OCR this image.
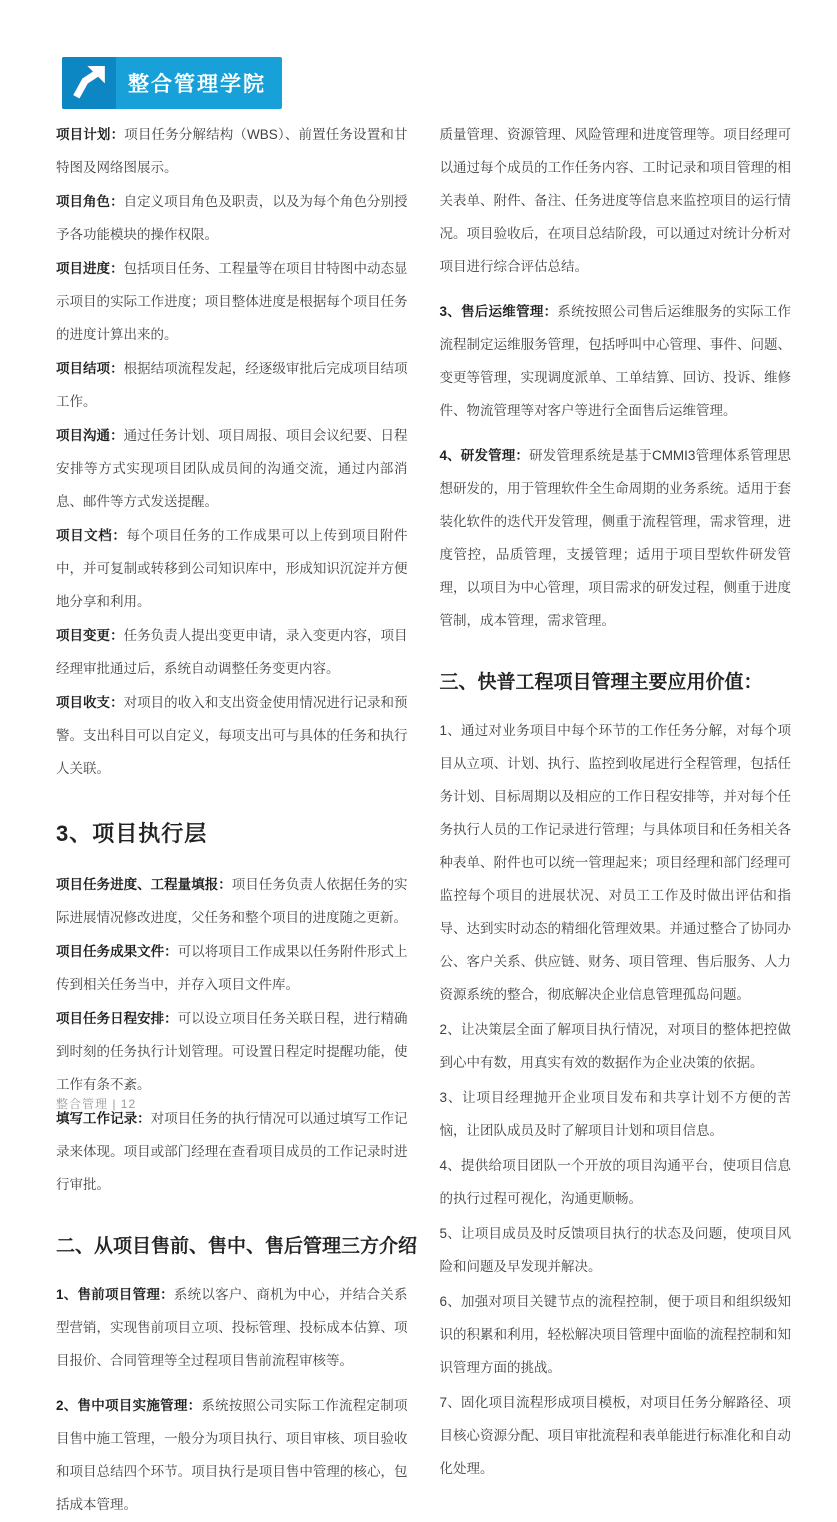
整合管理学院

项目计划：项目任务分解结构（WBS）、前置任务设置和甘特图及网络图展示。

项目角色：自定义项目角色及职责，以及为每个角色分别授予各功能模块的操作权限。

项目进度：包括项目任务、工程量等在项目甘特图中动态显示项目的实际工作进度；项目整体进度是根据每个项目任务的进度计算出来的。

项目结项：根据结项流程发起，经逐级审批后完成项目结项工作。

项目沟通：通过任务计划、项目周报、项目会议纪要、日程安排等方式实现项目团队成员间的沟通交流，通过内部消息、邮件等方式发送提醒。

项目文档：每个项目任务的工作成果可以上传到项目附件中，并可复制或转移到公司知识库中，形成知识沉淀并方便地分享和利用。

项目变更：任务负责人提出变更申请，录入变更内容，项目经理审批通过后，系统自动调整任务变更内容。

项目收支：对项目的收入和支出资金使用情况进行记录和预警。支出科目可以自定义，每项支出可与具体的任务和执行人关联。

3、项目执行层

项目任务进度、工程量填报：项目任务负责人依据任务的实际进展情况修改进度，父任务和整个项目的进度随之更新。

项目任务成果文件：可以将项目工作成果以任务附件形式上传到相关任务当中，并存入项目文件库。

项目任务日程安排：可以设立项目任务关联日程，进行精确到时刻的任务执行计划管理。可设置日程定时提醒功能，使工作有条不紊。

填写工作记录：对项目任务的执行情况可以通过填写工作记录来体现。项目或部门经理在查看项目成员的工作记录时进行审批。

二、从项目售前、售中、售后管理三方介绍

1、售前项目管理：系统以客户、商机为中心，并结合关系型营销，实现售前项目立项、投标管理、投标成本估算、项目报价、合同管理等全过程项目售前流程审核等。

2、售中项目实施管理：系统按照公司实际工作流程定制项目售中施工管理，一般分为项目执行、项目审核、项目验收和项目总结四个环节。项目执行是项目售中管理的核心，包括成本管理。

质量管理、资源管理、风险管理和进度管理等。项目经理可以通过每个成员的工作任务内容、工时记录和项目管理的相关表单、附件、备注、任务进度等信息来监控项目的运行情况。项目验收后，在项目总结阶段，可以通过对统计分析对项目进行综合评估总结。

3、售后运维管理：系统按照公司售后运维服务的实际工作流程制定运维服务管理，包括呼叫中心管理、事件、问题、变更等管理，实现调度派单、工单结算、回访、投诉、维修件、物流管理等对客户等进行全面售后运维管理。

4、研发管理：研发管理系统是基于CMMI3管理体系管理思想研发的，用于管理软件全生命周期的业务系统。适用于套装化软件的迭代开发管理，侧重于流程管理，需求管理，进度管控，品质管理，支援管理；适用于项目型软件研发管理，以项目为中心管理，项目需求的研发过程，侧重于进度管制，成本管理，需求管理。

三、快普工程项目管理主要应用价值：

1、通过对业务项目中每个环节的工作任务分解，对每个项目从立项、计划、执行、监控到收尾进行全程管理，包括任务计划、目标周期以及相应的工作日程安排等，并对每个任务执行人员的工作记录进行管理；与具体项目和任务相关各种表单、附件也可以统一管理起来；项目经理和部门经理可监控每个项目的进展状况、对员工工作及时做出评估和指导、达到实时动态的精细化管理效果。并通过整合了协同办公、客户关系、供应链、财务、项目管理、售后服务、人力资源系统的整合，彻底解决企业信息管理孤岛问题。

2、让决策层全面了解项目执行情况，对项目的整体把控做到心中有数，用真实有效的数据作为企业决策的依据。

3、让项目经理抛开企业项目发布和共享计划不方便的苦恼，让团队成员及时了解项目计划和项目信息。

4、提供给项目团队一个开放的项目沟通平台，使项目信息的执行过程可视化，沟通更顺畅。

5、让项目成员及时反馈项目执行的状态及问题，使项目风险和问题及早发现并解决。

6、加强对项目关键节点的流程控制，便于项目和组织级知识的积累和利用，轻松解决项目管理中面临的流程控制和知识管理方面的挑战。

7、固化项目流程形成项目模板，对项目任务分解路径、项目核心资源分配、项目审批流程和表单能进行标准化和自动化处理。

整合管理 | 12
